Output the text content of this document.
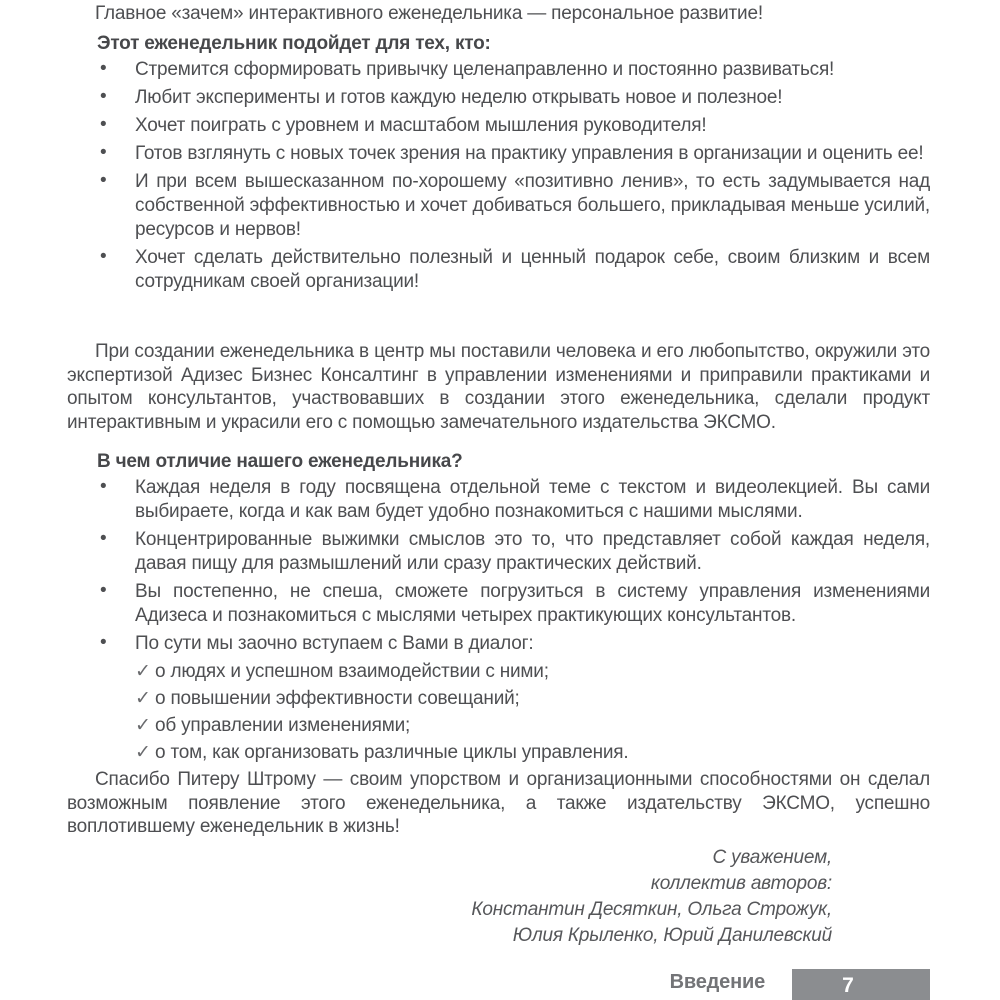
Главное «зачем» интерактивного еженедельника — персональное развитие!

Этот еженедельник подойдет для тех, кто:
• Стремится сформировать привычку целенаправленно и постоянно развиваться!
• Любит эксперименты и готов каждую неделю открывать новое и полезное!
• Хочет поиграть с уровнем и масштабом мышления руководителя!
• Готов взглянуть с новых точек зрения на практику управления в организации и оценить ее!
• И при всем вышесказанном по-хорошему «позитивно ленив», то есть задумывается над собственной эффективностью и хочет добиваться большего, прикладывая меньше усилий, ресурсов и нервов!
• Хочет сделать действительно полезный и ценный подарок себе, своим близким и всем сотрудникам своей организации!

При создании еженедельника в центр мы поставили человека и его любопытство, окружили это экспертизой Адизес Бизнес Консалтинг в управлении изменениями и приправили практиками и опытом консультантов, участвовавших в создании этого еженедельника, сделали продукт интерактивным и украсили его с помощью замечательного издательства ЭКСМО.

В чем отличие нашего еженедельника?
• Каждая неделя в году посвящена отдельной теме с текстом и видеолекцией. Вы сами выбираете, когда и как вам будет удобно познакомиться с нашими мыслями.
• Концентрированные выжимки смыслов это то, что представляет собой каждая неделя, давая пищу для размышлений или сразу практических действий.
• Вы постепенно, не спеша, сможете погрузиться в систему управления изменениями Адизеса и познакомиться с мыслями четырех практикующих консультантов.
• По сути мы заочно вступаем с Вами в диалог:
✓ о людях и успешном взаимодействии с ними;
✓ о повышении эффективности совещаний;
✓ об управлении изменениями;
✓ о том, как организовать различные циклы управления.

Спасибо Питеру Штрому — своим упорством и организационными способностями он сделал возможным появление этого еженедельника, а также издательству ЭКСМО, успешно воплотившему еженедельник в жизнь!

С уважением,
коллектив авторов:
Константин Десяткин, Ольга Строжук,
Юлия Крыленко, Юрий Данилевский
Введение	7
